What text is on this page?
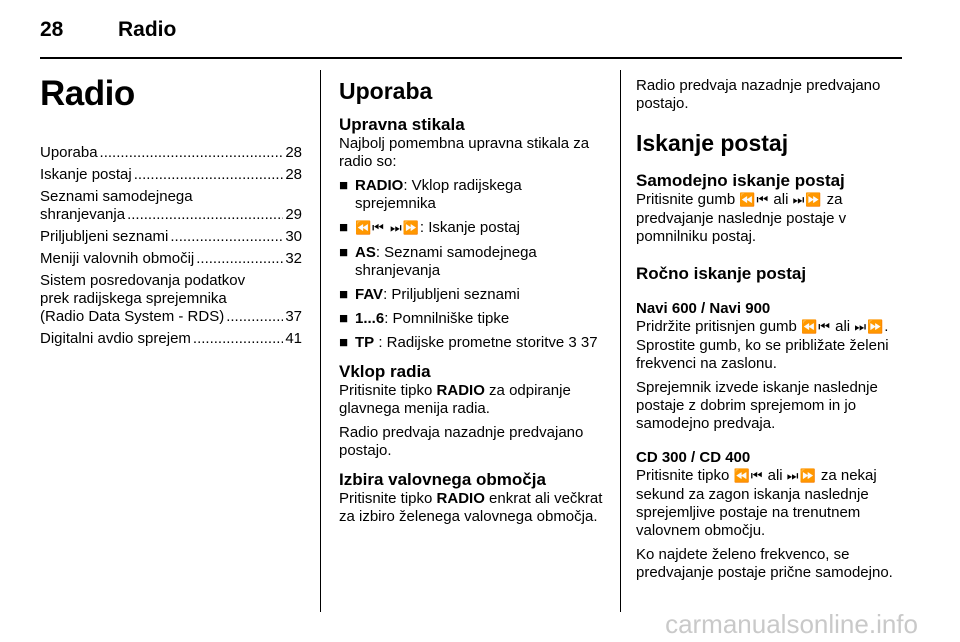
28	Radio
Radio
Uporaba .....	28
Iskanje postaj .....	28
Seznami samodejnega
shranjevanja .....	29
Priljubljeni seznami .....	30
Meniji valovnih območij .....	32
Sistem posredovanja podatkov
prek radijskega sprejemnika
(Radio Data System - RDS) .....	37
Digitalni avdio sprejem .....	41
Uporaba
Upravna stikala

Najbolj pomembna upravna stikala za radio so:

■ RADIO: Vklop radijskega sprejemnika
■ ⏪⏮ ⏭⏩: Iskanje postaj
■ AS: Seznami samodejnega shranjevanja
■ FAV: Priljubljeni seznami
■ 1...6: Pomnilniške tipke
■ TP : Radijske prometne storitve 3 37
Vklop radia

Pritisnite tipko RADIO za odpiranje glavnega menija radia.

Radio predvaja nazadnje predvajano postajo.

Izbira valovnega območja

Pritisnite tipko RADIO enkrat ali večkrat za izbiro želenega valovnega območja.

Radio predvaja nazadnje predvajano postajo.

Iskanje postaj
Samodejno iskanje postaj

Pritisnite gumb ⏪⏮ ali ⏭⏩ za predvajanje naslednje postaje v pomnilniku postaj.

Ročno iskanje postaj
Navi 600 / Navi 900

Pridržite pritisnjen gumb ⏪⏮ ali ⏭⏩. Sprostite gumb, ko se približate želeni frekvenci na zaslonu.

Sprejemnik izvede iskanje naslednje postaje z dobrim sprejemom in jo samodejno predvaja.

CD 300 / CD 400

Pritisnite tipko ⏪⏮ ali ⏭⏩ za nekaj sekund za zagon iskanja naslednje sprejemljive postaje na trenutnem valovnem območju.

Ko najdete želeno frekvenco, se predvajanje postaje prične samodejno.

carmanualsonline.info
